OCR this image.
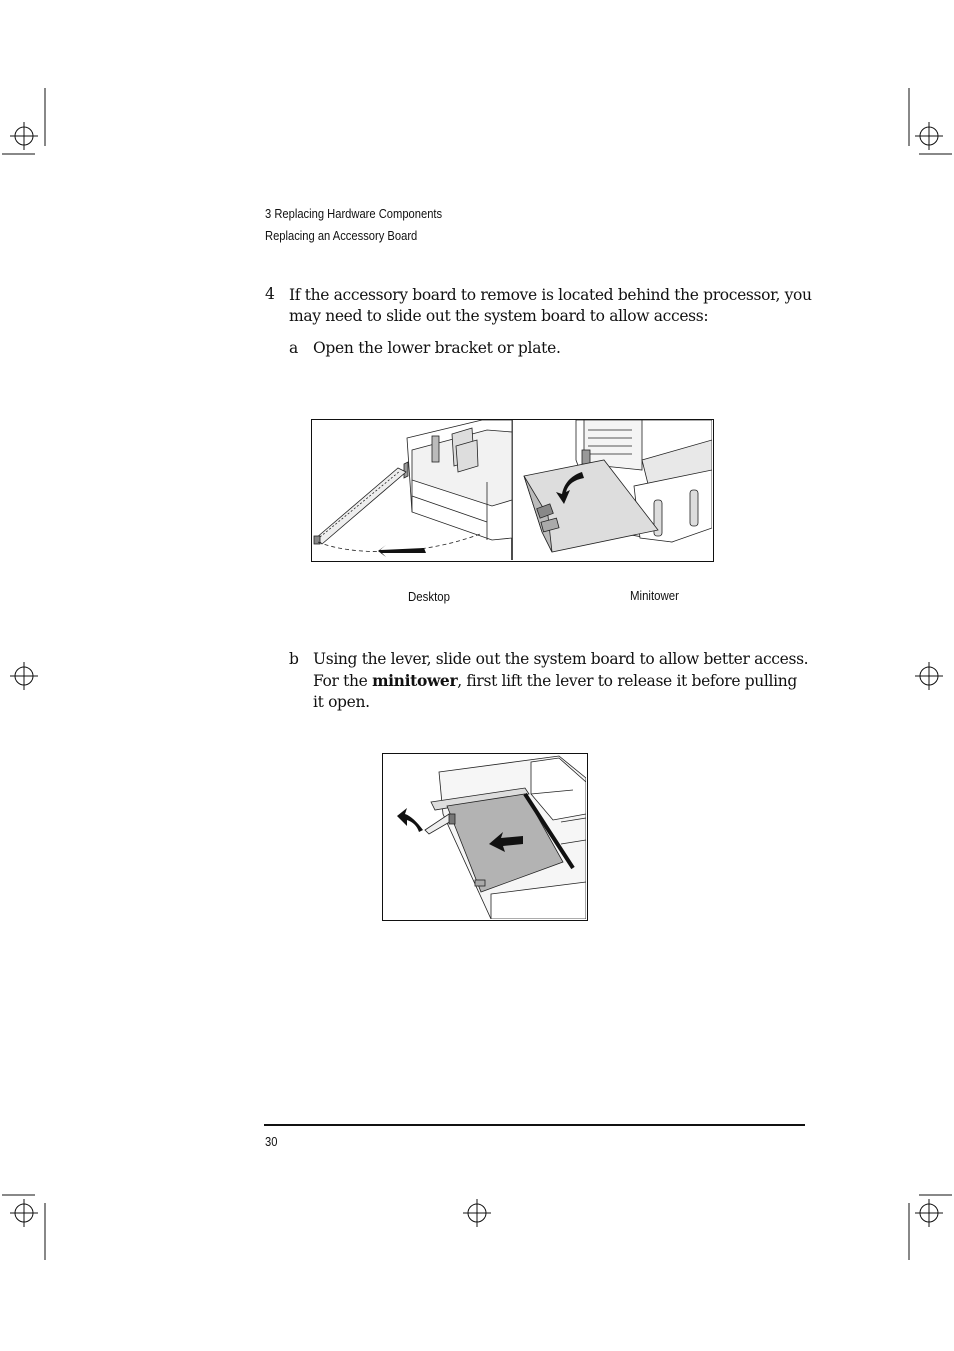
3 Replacing Hardware Components
Replacing an Accessory Board
4 If the accessory board to remove is located behind the processor, you
may need to slide out the system board to allow access:
a Open the lower bracket or plate.
Desktop	Minitower
b Using the lever, slide out the system board to allow better access.
For the minitower, first lift the lever to release it before pulling
it open.
30
